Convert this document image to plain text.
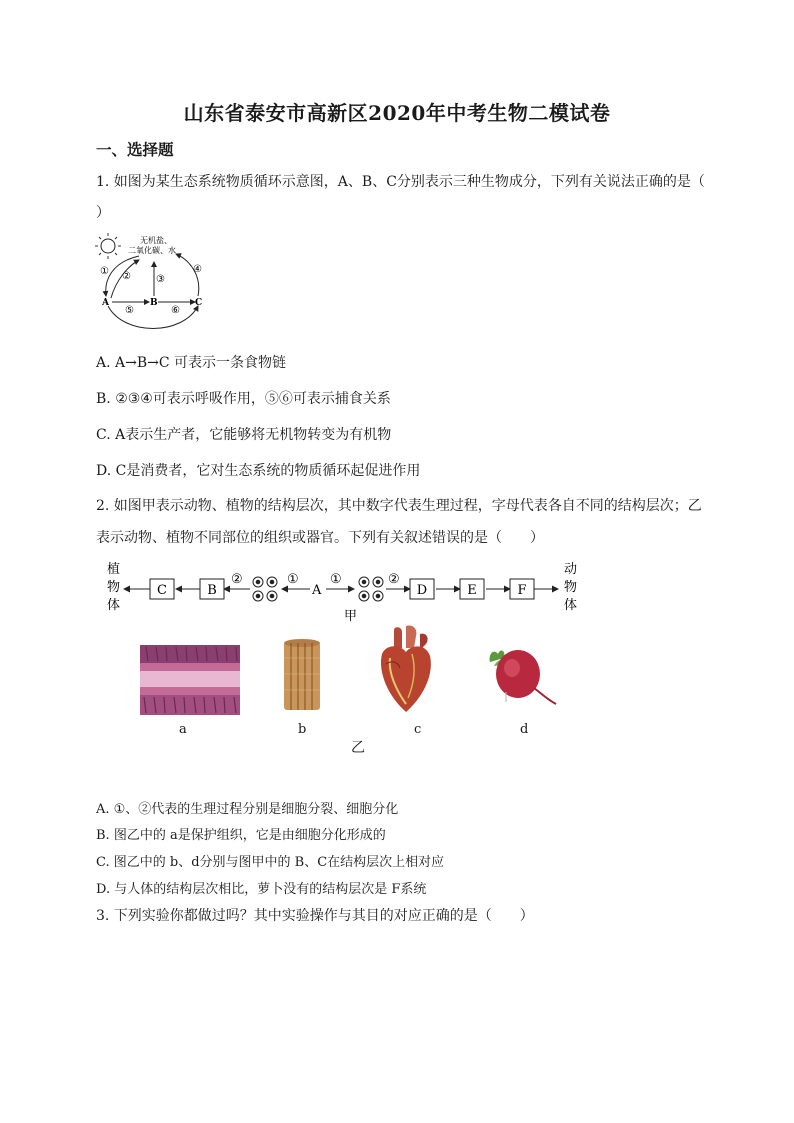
山东省泰安市高新区2020年中考生物二模试卷
一、选择题
1. 如图为某生态系统物质循环示意图，A、B、C分别表示三种生物成分，下列有关说法正确的是（
）
无机盐、
二氧化碳、水
① ②	③
④
⑤	⑥
A	B	C
A. A→B→C 可表示一条食物链
B. ②③④可表示呼吸作用，⑤⑥可表示捕食关系
C. A表示生产者，它能够将无机物转变为有机物
D. C是消费者，它对生态系统的物质循环起促进作用
2. 如图甲表示动物、植物的结构层次，其中数字代表生理过程，字母代表各自不同的结构层次；乙
表示动物、植物不同部位的组织或器官。下列有关叙述错误的是（　　）
植
物
体
动
物
体
C	B	D	E	F
②	①
A
①	②
甲
a	b	c	d
乙
A. ①、②代表的生理过程分别是细胞分裂、细胞分化
B. 图乙中的 a是保护组织，它是由细胞分化形成的
C. 图乙中的 b、d分别与图甲中的 B、C在结构层次上相对应
D. 与人体的结构层次相比，萝卜没有的结构层次是 F系统
3. 下列实验你都做过吗？其中实验操作与其目的对应正确的是（　　）
